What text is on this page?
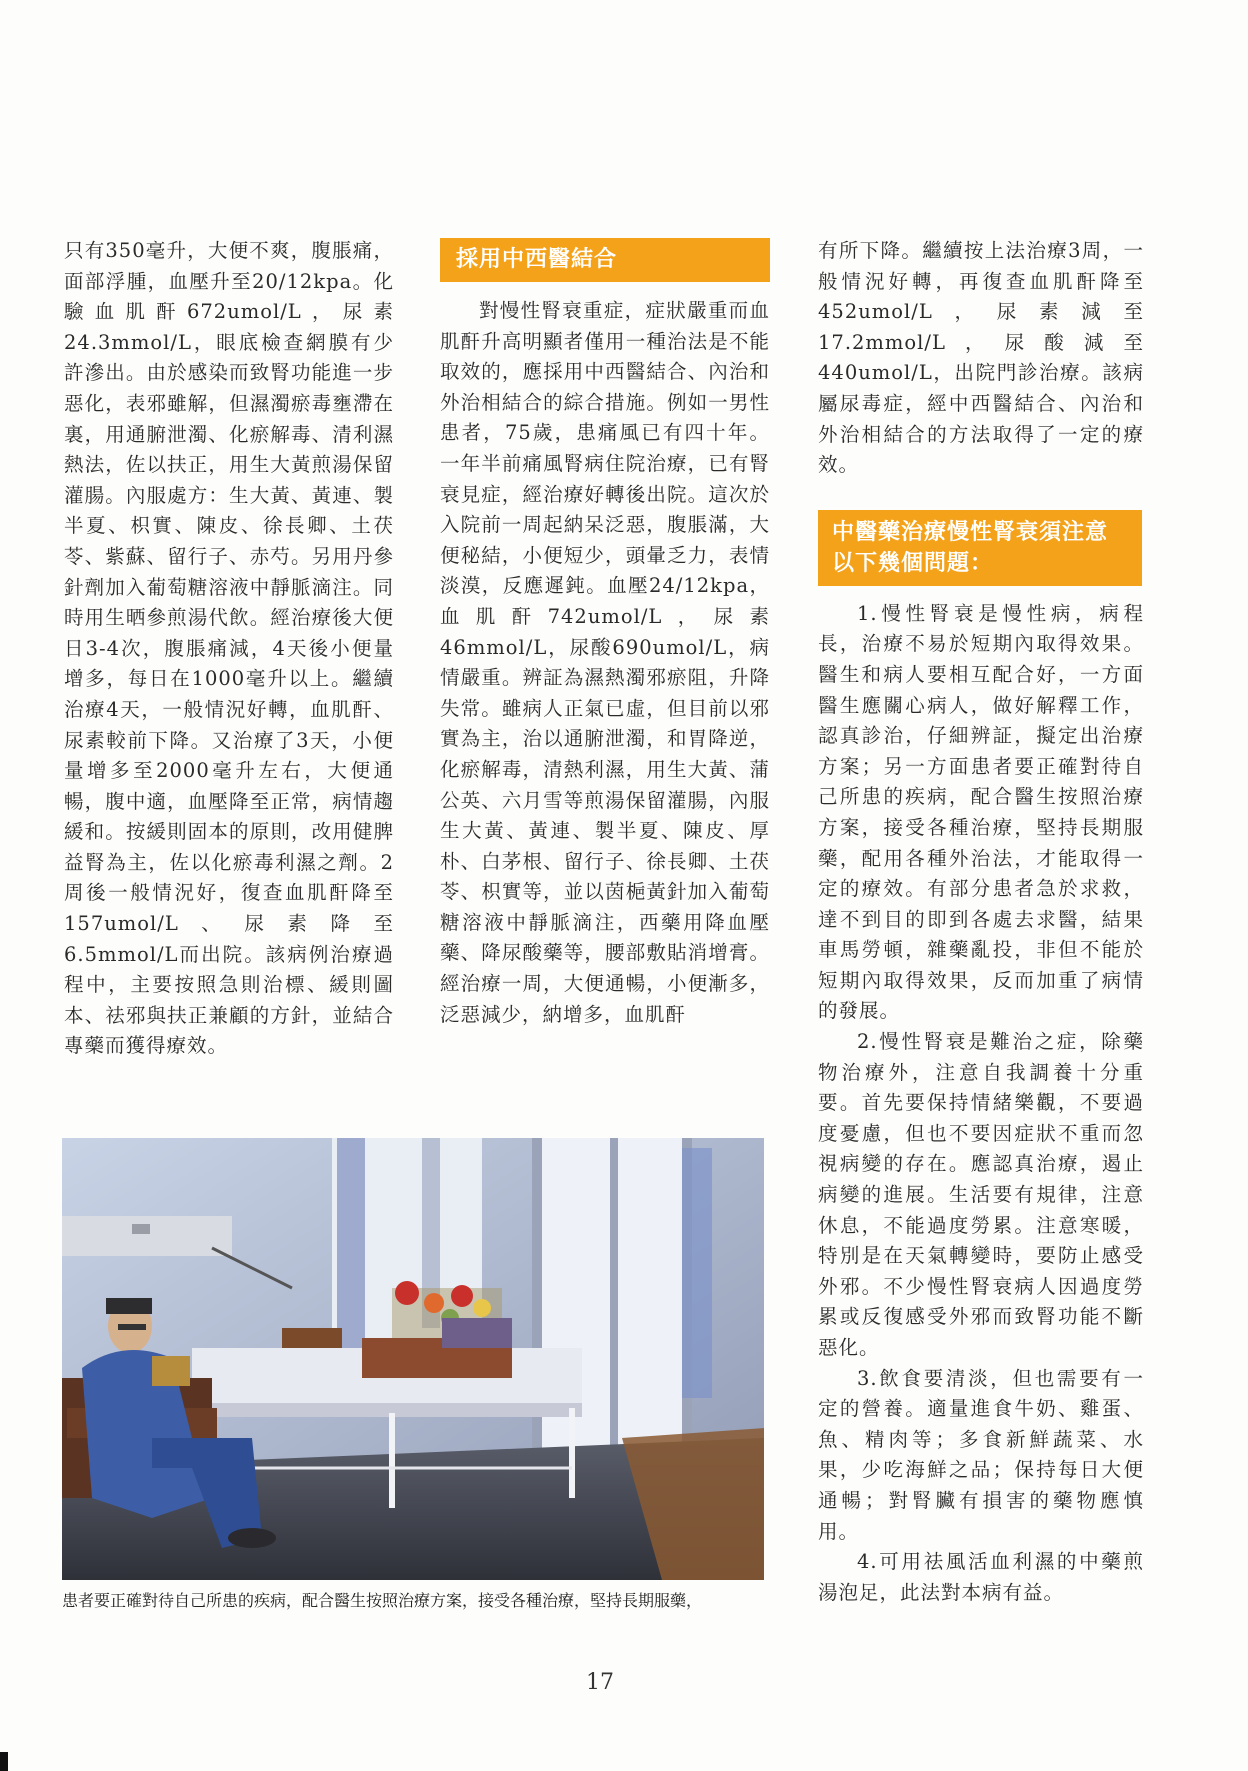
只有350毫升，大便不爽，腹脹痛，面部浮腫，血壓升至20/12kpa。化驗血肌酐672umol/L，尿素24.3mmol/L，眼底檢查網膜有少許滲出。由於感染而致腎功能進一步惡化，表邪雖解，但濕濁瘀毒壅滯在裏，用通腑泄濁、化瘀解毒、清利濕熱法，佐以扶正，用生大黃煎湯保留灌腸。內服處方：生大黃、黃連、製半夏、枳實、陳皮、徐長卿、土茯苓、紫蘇、留行子、赤芍。另用丹參針劑加入葡萄糖溶液中靜脈滴注。同時用生晒參煎湯代飲。經治療後大便日3-4次，腹脹痛減，4天後小便量增多，每日在1000毫升以上。繼續治療4天，一般情況好轉，血肌酐、尿素較前下降。又治療了3天，小便量增多至2000毫升左右，大便通暢，腹中適，血壓降至正常，病情趨緩和。按緩則固本的原則，改用健脾益腎為主，佐以化瘀毒利濕之劑。2周後一般情況好，復查血肌酐降至157umol/L、尿素降至6.5mmol/L而出院。該病例治療過程中，主要按照急則治標、緩則圖本、祛邪與扶正兼顧的方針，並結合專藥而獲得療效。

採用中西醫結合

對慢性腎衰重症，症狀嚴重而血肌酐升高明顯者僅用一種治法是不能取效的，應採用中西醫結合、內治和外治相結合的綜合措施。例如一男性患者，75歲，患痛風已有四十年。一年半前痛風腎病住院治療，已有腎衰見症，經治療好轉後出院。這次於入院前一周起納呆泛惡，腹脹滿，大便秘結，小便短少，頭暈乏力，表情淡漠，反應遲鈍。血壓24/12kpa，血肌酐742umol/L，尿素46mmol/L，尿酸690umol/L，病情嚴重。辨証為濕熱濁邪瘀阻，升降失常。雖病人正氣已虛，但目前以邪實為主，治以通腑泄濁，和胃降逆，化瘀解毒，清熱利濕，用生大黃、蒲公英、六月雪等煎湯保留灌腸，內服生大黃、黃連、製半夏、陳皮、厚朴、白茅根、留行子、徐長卿、土茯苓、枳實等，並以茵梔黃針加入葡萄糖溶液中靜脈滴注，西藥用降血壓藥、降尿酸藥等，腰部敷貼消增膏。經治療一周，大便通暢，小便漸多，泛惡減少，納增多，血肌酐

有所下降。繼續按上法治療3周，一般情況好轉，再復查血肌酐降至452umol/L，尿素減至17.2mmol/L，尿酸減至440umol/L，出院門診治療。該病屬尿毒症，經中西醫結合、內治和外治相結合的方法取得了一定的療效。

1.慢性腎衰是慢性病，病程長，治療不易於短期內取得效果。醫生和病人要相互配合好，一方面醫生應關心病人，做好解釋工作，認真診治，仔細辨証，擬定出治療方案；另一方面患者要正確對待自己所患的疾病，配合醫生按照治療方案，接受各種治療，堅持長期服藥，配用各種外治法，才能取得一定的療效。有部分患者急於求救，達不到目的即到各處去求醫，結果車馬勞頓，雜藥亂投，非但不能於短期內取得效果，反而加重了病情的發展。

2.慢性腎衰是難治之症，除藥物治療外，注意自我調養十分重要。首先要保持情緒樂觀，不要過度憂慮，但也不要因症狀不重而忽視病變的存在。應認真治療，遏止病變的進展。生活要有規律，注意休息，不能過度勞累。注意寒暖，特別是在天氣轉變時，要防止感受外邪。不少慢性腎衰病人因過度勞累或反復感受外邪而致腎功能不斷惡化。

3.飲食要清淡，但也需要有一定的營養。適量進食牛奶、雞蛋、魚、精肉等；多食新鮮蔬菜、水果，少吃海鮮之品；保持每日大便通暢；對腎臟有損害的藥物應慎用。

4.可用祛風活血利濕的中藥煎湯泡足，此法對本病有益。

中醫藥治療慢性腎衰須注意以下幾個問題：
患者要正確對待自己所患的疾病，配合醫生按照治療方案，接受各種治療，堅持長期服藥，
17
